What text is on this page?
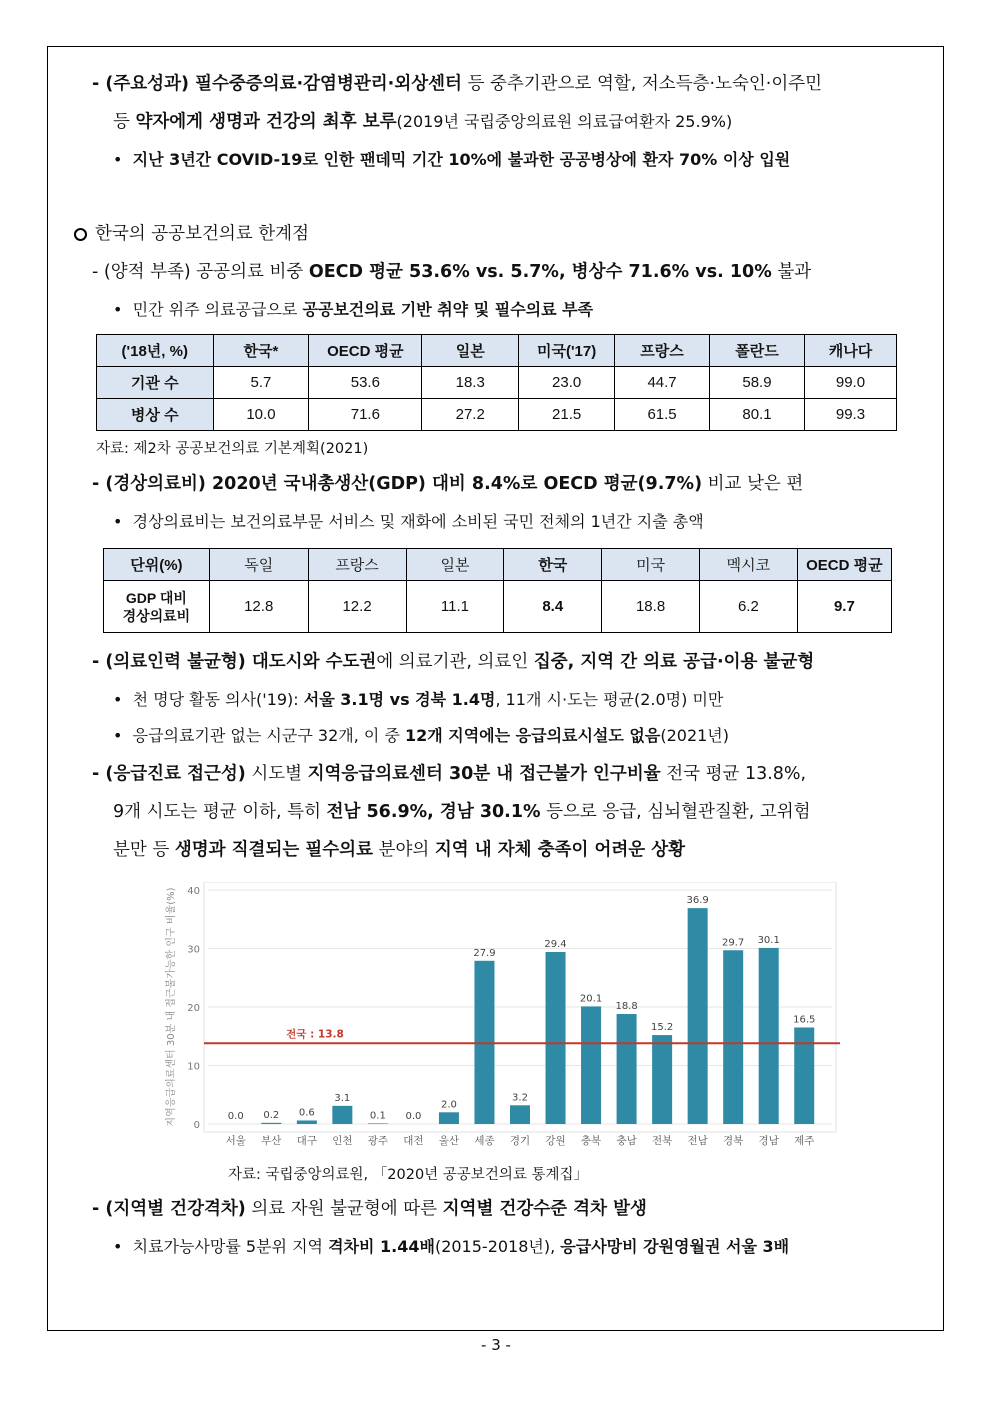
- (주요성과) 필수중증의료·감염병관리·외상센터 등 중추기관으로 역할, 저소득층·노숙인·이주민
등 약자에게 생명과 건강의 최후 보루(2019년 국립중앙의료원 의료급여환자 25.9%)
• 지난 3년간 COVID-19로 인한 팬데믹 기간 10%에 불과한 공공병상에 환자 70% 이상 입원
한국의 공공보건의료 한계점
- (양적 부족) 공공의료 비중 OECD 평균 53.6% vs. 5.7%, 병상수 71.6% vs. 10% 불과
• 민간 위주 의료공급으로 공공보건의료 기반 취약 및 필수의료 부족
('18년, %)	한국*	OECD 평균	일본	미국('17)	프랑스	폴란드	캐나다
기관 수	5.7	53.6	18.3	23.0	44.7	58.9	99.0
병상 수	10.0	71.6	27.2	21.5	61.5	80.1	99.3
자료: 제2차 공공보건의료 기본계획(2021)
- (경상의료비) 2020년 국내총생산(GDP) 대비 8.4%로 OECD 평균(9.7%) 비교 낮은 편
• 경상의료비는 보건의료부문 서비스 및 재화에 소비된 국민 전체의 1년간 지출 총액
단위(%)	독일	프랑스	일본	한국	미국	멕시코	OECD 평균

GDP 대비
경상의료비	12.8	12.2	11.1	8.4	18.8	6.2	9.7
- (의료인력 불균형) 대도시와 수도권에 의료기관, 의료인 집중, 지역 간 의료 공급·이용 불균형
• 천 명당 활동 의사('19): 서울 3.1명 vs 경북 1.4명, 11개 시·도는 평균(2.0명) 미만
• 응급의료기관 없는 시군구 32개, 이 중 12개 지역에는 응급의료시설도 없음(2021년)
- (응급진료 접근성) 시도별 지역응급의료센터 30분 내 접근불가 인구비율 전국 평균 13.8%,
9개 시도는 평균 이하, 특히 전남 56.9%, 경남 30.1% 등으로 응급, 심뇌혈관질환, 고위험
분만 등 생명과 직결되는 필수의료 분야의 지역 내 자체 충족이 어려운 상황
0
10
20
30
40
지역응급의료센터 30분 내 접근불가능한 인구 비율(%)	0.0
서울
0.2
부산
0.6
대구
3.1
인천
0.1
광주
0.0
대전
2.0
울산
27.9
세종
3.2
경기
29.4
강원
20.1
충북
18.8
충남
15.2
전북
36.9
전남
29.7
경북
30.1
경남
16.5
제주
전국 : 13.8
자료: 국립중앙의료원, 「2020년 공공보건의료 통계집」
- (지역별 건강격차) 의료 자원 불균형에 따른 지역별 건강수준 격차 발생
• 치료가능사망률 5분위 지역 격차비 1.44배(2015-2018년), 응급사망비 강원영월권 서울 3배
- 3 -
